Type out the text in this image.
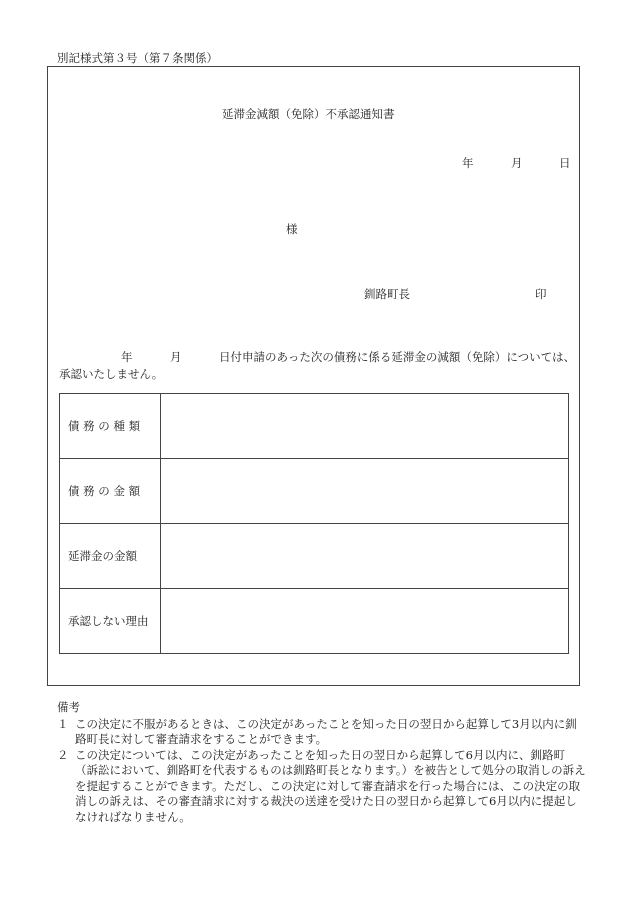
別記様式第３号（第７条関係）
延滞金減額（免除）不承認通知書
年	月	日
様
釧路町長	印
年	月	日付申請のあった次の債務に係る延滞金の減額（免除）については、
承認いたしません。
債 務 の 種 類	
債 務 の 金 額	
延滞金の金額	
承認しない理由	
備考
１ この決定に不服があるときは、この決定があったことを知った日の翌日から起算して3月以内に釧路町長に対して審査請求をすることができます。
２ この決定については、この決定があったことを知った日の翌日から起算して6月以内に、釧路町（訴訟において、釧路町を代表するものは釧路町長となります。）を被告として処分の取消しの訴えを提起することができます。ただし、この決定に対して審査請求を行った場合には、この決定の取消しの訴えは、その審査請求に対する裁決の送達を受けた日の翌日から起算して6月以内に提起しなければなりません。
